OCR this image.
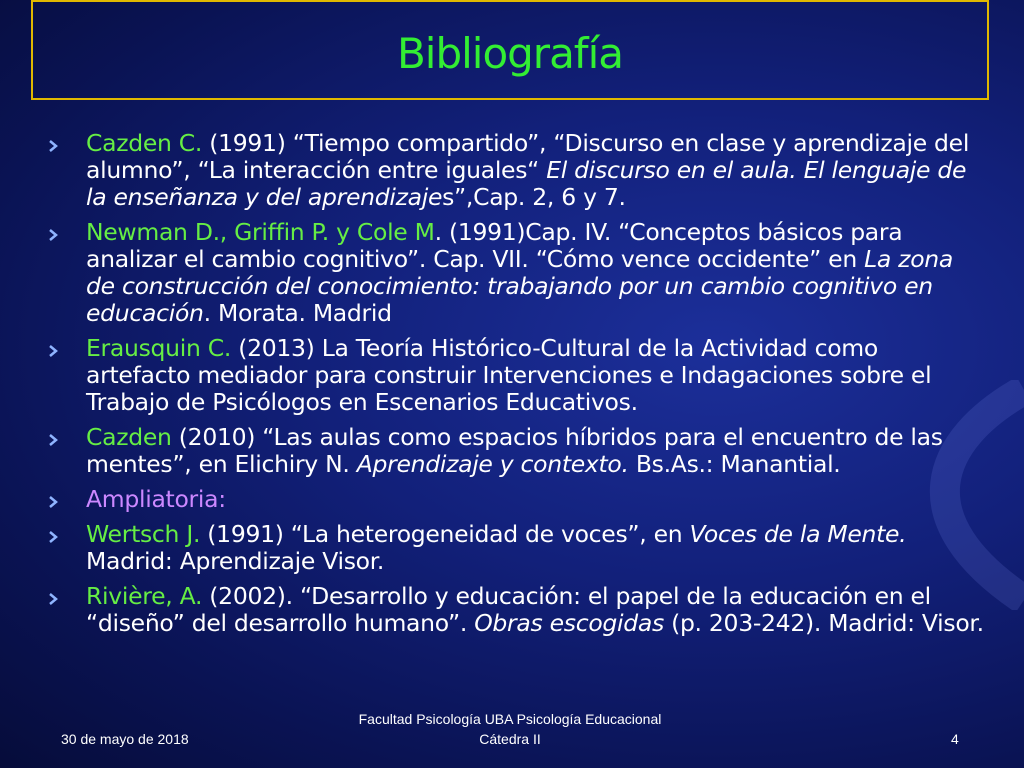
Bibliografía
Cazden C. (1991) “Tiempo compartido”, “Discurso en clase y aprendizaje del alumno”, “La interacción entre iguales“ El discurso en el aula. El lenguaje de la enseñanza y del aprendizajes”,Cap. 2, 6 y 7.
Newman D., Griffin P. y Cole M. (1991)Cap. IV. “Conceptos básicos para analizar el cambio cognitivo”. Cap. VII. “Cómo vence occidente” en La zona de construcción del conocimiento: trabajando por un cambio cognitivo en educación. Morata. Madrid
Erausquin C. (2013) La Teoría Histórico-Cultural de la Actividad como artefacto mediador para construir Intervenciones e Indagaciones sobre el Trabajo de Psicólogos en Escenarios Educativos.
Cazden (2010) “Las aulas como espacios híbridos para el encuentro de las mentes”, en Elichiry N. Aprendizaje y contexto. Bs.As.: Manantial.
Ampliatoria:
Wertsch J. (1991) “La heterogeneidad de voces”, en Voces de la Mente. Madrid: Aprendizaje Visor.
Rivière, A. (2002). “Desarrollo y educación: el papel de la educación en el “diseño” del desarrollo humano”. Obras escogidas (p. 203-242). Madrid: Visor.
30 de mayo de 2018
Facultad Psicología UBA Psicología Educacional
Cátedra II	4
